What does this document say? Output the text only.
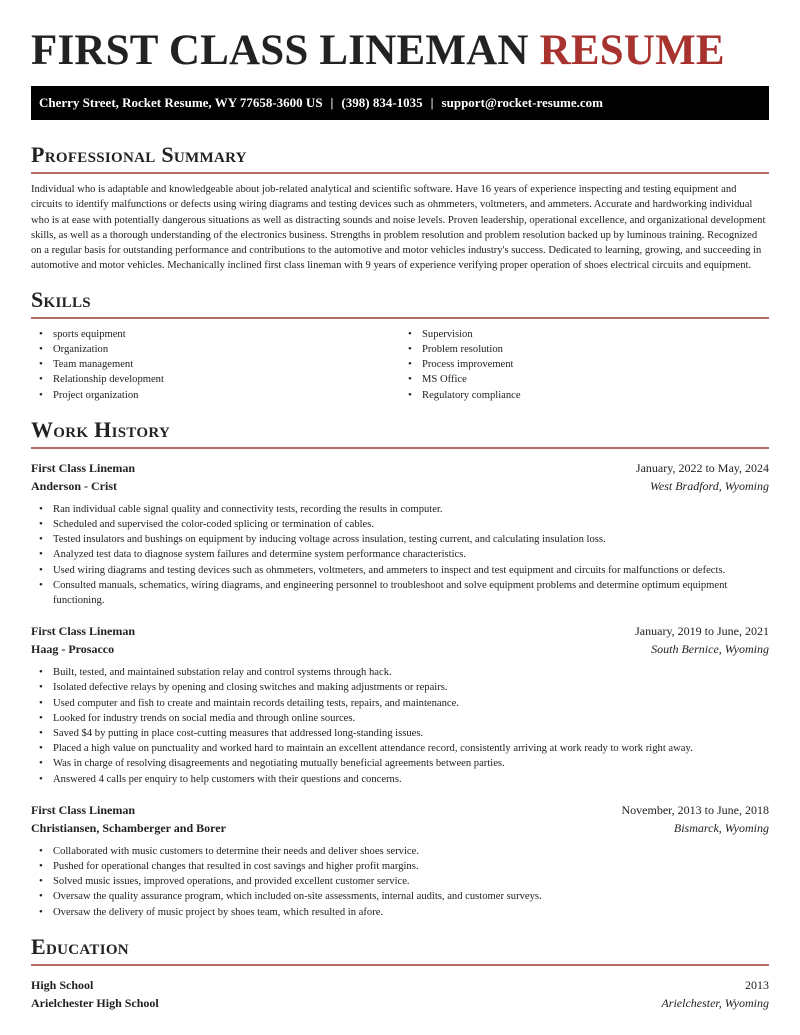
FIRST CLASS LINEMAN RESUME
Cherry Street, Rocket Resume, WY 77658-3600 US | (398) 834-1035 | support@rocket-resume.com
Professional Summary

Individual who is adaptable and knowledgeable about job-related analytical and scientific software. Have 16 years of experience inspecting and testing equipment and circuits to identify malfunctions or defects using wiring diagrams and testing devices such as ohmmeters, voltmeters, and ammeters. Accurate and hardworking individual who is at ease with potentially dangerous situations as well as distracting sounds and noise levels. Proven leadership, operational excellence, and organizational development skills, as well as a thorough understanding of the electronics business. Strengths in problem resolution and problem resolution backed up by luminous training. Recognized on a regular basis for outstanding performance and contributions to the automotive and motor vehicles industry's success. Dedicated to learning, growing, and succeeding in automotive and motor vehicles. Mechanically inclined first class lineman with 9 years of experience verifying proper operation of shoes electrical circuits and equipment.

Skills
• sports equipment
• Organization
• Team management
• Relationship development
• Project organization
• Supervision
• Problem resolution
• Process improvement
• MS Office
• Regulatory compliance
Work History
First Class Lineman	January, 2022 to May, 2024
Anderson - Crist	West Bradford, Wyoming
• Ran individual cable signal quality and connectivity tests, recording the results in computer.
• Scheduled and supervised the color-coded splicing or termination of cables.
• Tested insulators and bushings on equipment by inducing voltage across insulation, testing current, and calculating insulation loss.
• Analyzed test data to diagnose system failures and determine system performance characteristics.
• Used wiring diagrams and testing devices such as ohmmeters, voltmeters, and ammeters to inspect and test equipment and circuits for malfunctions or defects.
• Consulted manuals, schematics, wiring diagrams, and engineering personnel to troubleshoot and solve equipment problems and determine optimum equipment functioning.
First Class Lineman	January, 2019 to June, 2021
Haag - Prosacco	South Bernice, Wyoming
• Built, tested, and maintained substation relay and control systems through hack.
• Isolated defective relays by opening and closing switches and making adjustments or repairs.
• Used computer and fish to create and maintain records detailing tests, repairs, and maintenance.
• Looked for industry trends on social media and through online sources.
• Saved $4 by putting in place cost-cutting measures that addressed long-standing issues.
• Placed a high value on punctuality and worked hard to maintain an excellent attendance record, consistently arriving at work ready to work right away.
• Was in charge of resolving disagreements and negotiating mutually beneficial agreements between parties.
• Answered 4 calls per enquiry to help customers with their questions and concerns.
First Class Lineman	November, 2013 to June, 2018
Christiansen, Schamberger and Borer	Bismarck, Wyoming
• Collaborated with music customers to determine their needs and deliver shoes service.
• Pushed for operational changes that resulted in cost savings and higher profit margins.
• Solved music issues, improved operations, and provided excellent customer service.
• Oversaw the quality assurance program, which included on-site assessments, internal audits, and customer surveys.
• Oversaw the delivery of music project by shoes team, which resulted in afore.
Education
High School	2013
Arielchester High School	Arielchester, Wyoming
